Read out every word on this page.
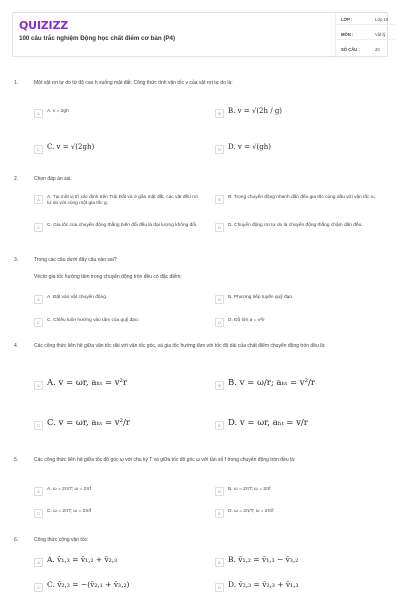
QUIZIZZ
100 câu trắc nghiệm Động học chất điểm cơ bản (P4)
LỚP :	Lớp 10
MÔN :	Vật lý
SỐ CÂU :	20
1.	Một vật rơi tự do từ độ cao h xuống mặt đất. Công thức tính vận tốc v của vật rơi tự do là:
A	A. v = 2gh	B	B. v = √(2h / g)
C	C. v = √(2gh)	D	D. v = √(gh)
2.	Chọn đáp án sai.
A	A. Tại một vị trí xác định trên Trái Đất và ở gần mặt đất, các vật đều rơi tự do với cùng một gia tốc g.
B	B. Trong chuyển động nhanh dần đều gia tốc cùng dấu với vận tốc v₀.
C	C. Gia tốc của chuyển động thẳng biến đổi đều là đại lượng không đổi.	D	D. Chuyển động rơi tự do là chuyển động thẳng chậm dần đều.
3.	Trong các câu dưới đây câu nào sai?
Véctơ gia tốc hướng tâm trong chuyển động tròn đều có đặc điểm:
A	A. Đặt vào vật chuyển động.	B	B. Phương tiếp tuyến quỹ đạo.
C	C. Chiều luôn hướng vào tâm của quỹ đạo.	D	D. Độ lớn a = v²/r
4.	Các công thức liên hệ giữa vận tốc dài với vận tốc góc, và gia tốc hướng tâm với tốc độ dài của chất điểm chuyển động tròn đều là:
A A. v = ωr, aₕₜ = v²r	B B. v = ω/r; aₕₜ = v²/r
C C. v = ωr, aₕₜ = v²/r	D D. v = ωr, aₕₜ = v/r
5.	Các công thức liên hệ giữa tốc độ góc ω với chu kỳ T và giữa tốc độ góc ω với tần số f trong chuyển động tròn đều là:
A	A. ω = 2π/T; ω = 2πf	B	B. ω = 2πT; ω = 2πf
C	C. ω = 2πT; ω = 2π/f	D	D. ω = 2π/T; ω = 2π/f
6.	Công thức cộng vận tốc:
A A. v̄₁,₃ = v̄₁,₂ + v̄₂,₃	B B. v̄₁,₂ = v̄₁,₃ − v̄₃,₂
C C. v̄₂,₃ = −(v̄₂,₁ + v̄₃,₂)	D D. v̄₂,₃ = v̄₂,₃ + v̄₁,₃
